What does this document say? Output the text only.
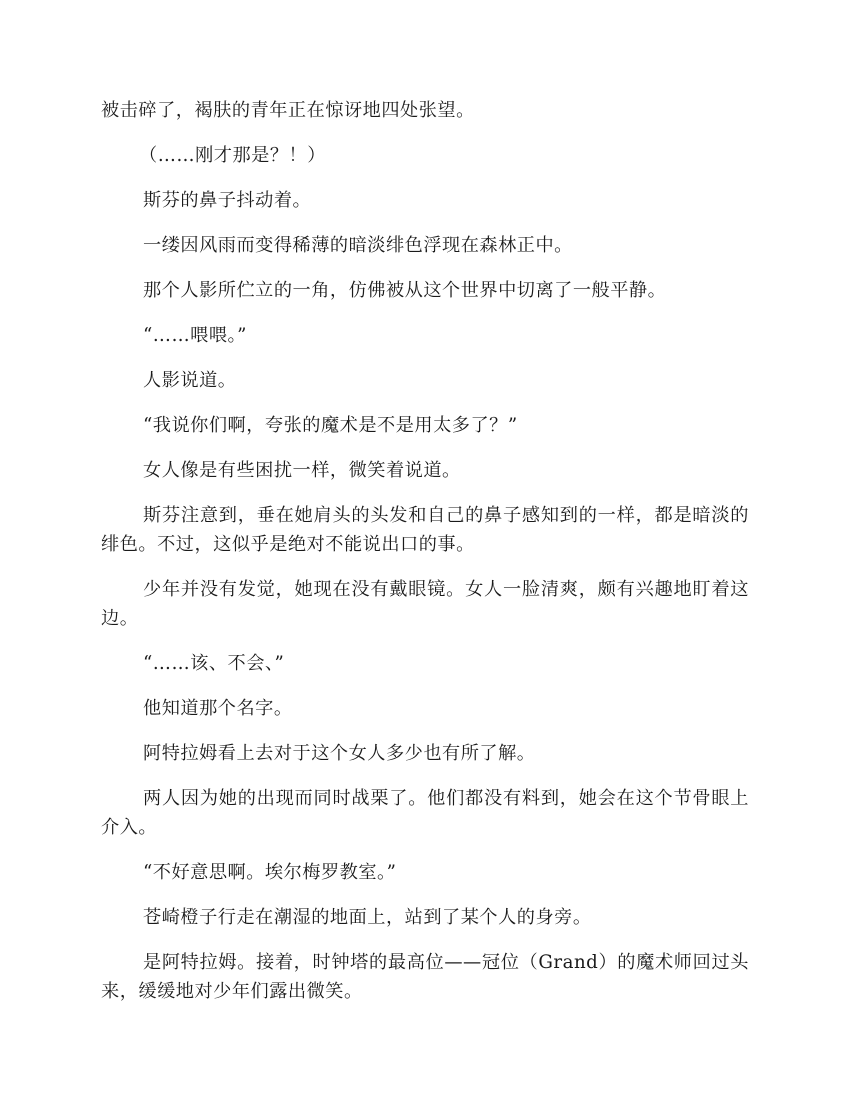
被击碎了，褐肤的青年正在惊讶地四处张望。

（……刚才那是？！）

斯芬的鼻子抖动着。

一缕因风雨而变得稀薄的暗淡绯色浮现在森林正中。

那个人影所伫立的一角，仿佛被从这个世界中切离了一般平静。

“……喂喂。”

人影说道。

“我说你们啊，夸张的魔术是不是用太多了？”

女人像是有些困扰一样，微笑着说道。

斯芬注意到，垂在她肩头的头发和自己的鼻子感知到的一样，都是暗淡的绯色。不过，这似乎是绝对不能说出口的事。

少年并没有发觉，她现在没有戴眼镜。女人一脸清爽，颇有兴趣地盯着这边。

“……该、不会、”

他知道那个名字。

阿特拉姆看上去对于这个女人多少也有所了解。

两人因为她的出现而同时战栗了。他们都没有料到，她会在这个节骨眼上介入。

“不好意思啊。埃尔梅罗教室。”

苍崎橙子行走在潮湿的地面上，站到了某个人的身旁。

是阿特拉姆。接着，时钟塔的最高位——冠位（Grand）的魔术师回过头来，缓缓地对少年们露出微笑。
